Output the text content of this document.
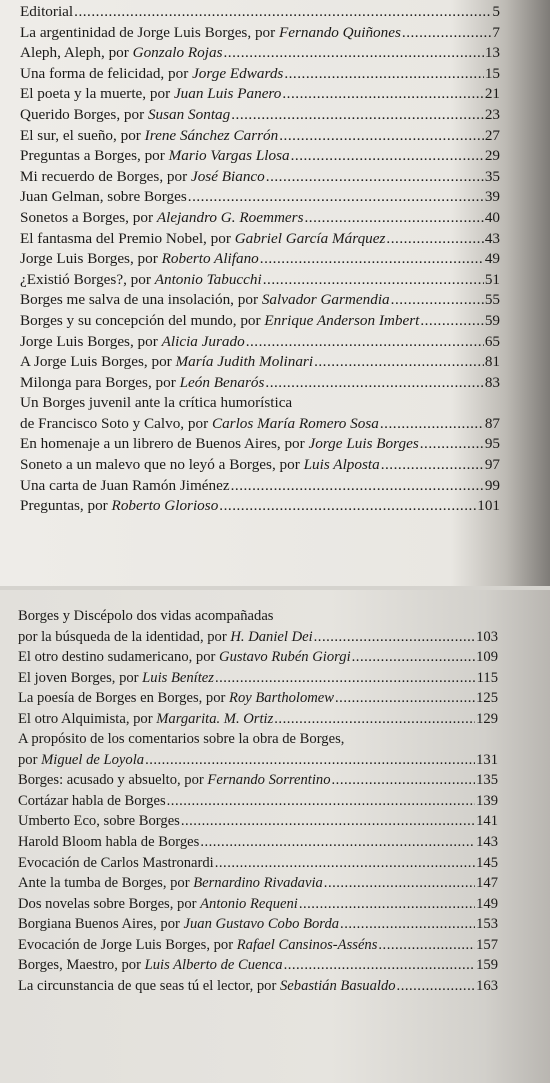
Editorial .....	5
La argentinidad de Jorge Luis Borges, por Fernando Quiñones .....	7
Aleph, Aleph, por Gonzalo Rojas .....	13
Una forma de felicidad, por Jorge Edwards .....	15
El poeta y la muerte, por Juan Luis Panero .....	21
Querido Borges, por Susan Sontag .....	23
El sur, el sueño, por Irene Sánchez Carrón .....	27
Preguntas a Borges, por Mario Vargas Llosa .....	29
Mi recuerdo de Borges, por José Bianco .....	35
Juan Gelman, sobre Borges .....	39
Sonetos a Borges, por Alejandro G. Roemmers .....	40
El fantasma del Premio Nobel, por Gabriel García Márquez .....	43
Jorge Luis Borges, por Roberto Alifano .....	49
¿Existió Borges?, por Antonio Tabucchi .....	51
Borges me salva de una insolación, por Salvador Garmendia .....	55
Borges y su concepción del mundo, por Enrique Anderson Imbert .....	59
Jorge Luis Borges, por Alicia Jurado .....	65
A Jorge Luis Borges, por María Judith Molinari .....	81
Milonga para Borges, por León Benarós .....	83
Un Borges juvenil ante la crítica humorística
de Francisco Soto y Calvo, por Carlos María Romero Sosa .....	87
En homenaje a un librero de Buenos Aires, por Jorge Luis Borges .....	95
Soneto a un malevo que no leyó a Borges, por Luis Alposta .....	97
Una carta de Juan Ramón Jiménez .....	99
Preguntas, por Roberto Glorioso .....	101
Borges y Discépolo dos vidas acompañadas
por la búsqueda de la identidad, por H. Daniel Dei .....	103
El otro destino sudamericano, por Gustavo Rubén Giorgi .....	109
El joven Borges, por Luis Benítez .....	115
La poesía de Borges en Borges, por Roy Bartholomew .....	125
El otro Alquimista, por Margarita. M. Ortiz .....	129
A propósito de los comentarios sobre la obra de Borges,
por Miguel de Loyola .....	131
Borges: acusado y absuelto, por Fernando Sorrentino .....	135
Cortázar habla de Borges .....	139
Umberto Eco, sobre Borges .....	141
Harold Bloom habla de Borges .....	143
Evocación de Carlos Mastronardi .....	145
Ante la tumba de Borges, por Bernardino Rivadavia .....	147
Dos novelas sobre Borges, por Antonio Requeni .....	149
Borgiana Buenos Aires, por Juan Gustavo Cobo Borda .....	153
Evocación de Jorge Luis Borges, por Rafael Cansinos-Asséns .....	157
Borges, Maestro, por Luis Alberto de Cuenca .....	159
La circunstancia de que seas tú el lector, por Sebastián Basualdo .....	163
